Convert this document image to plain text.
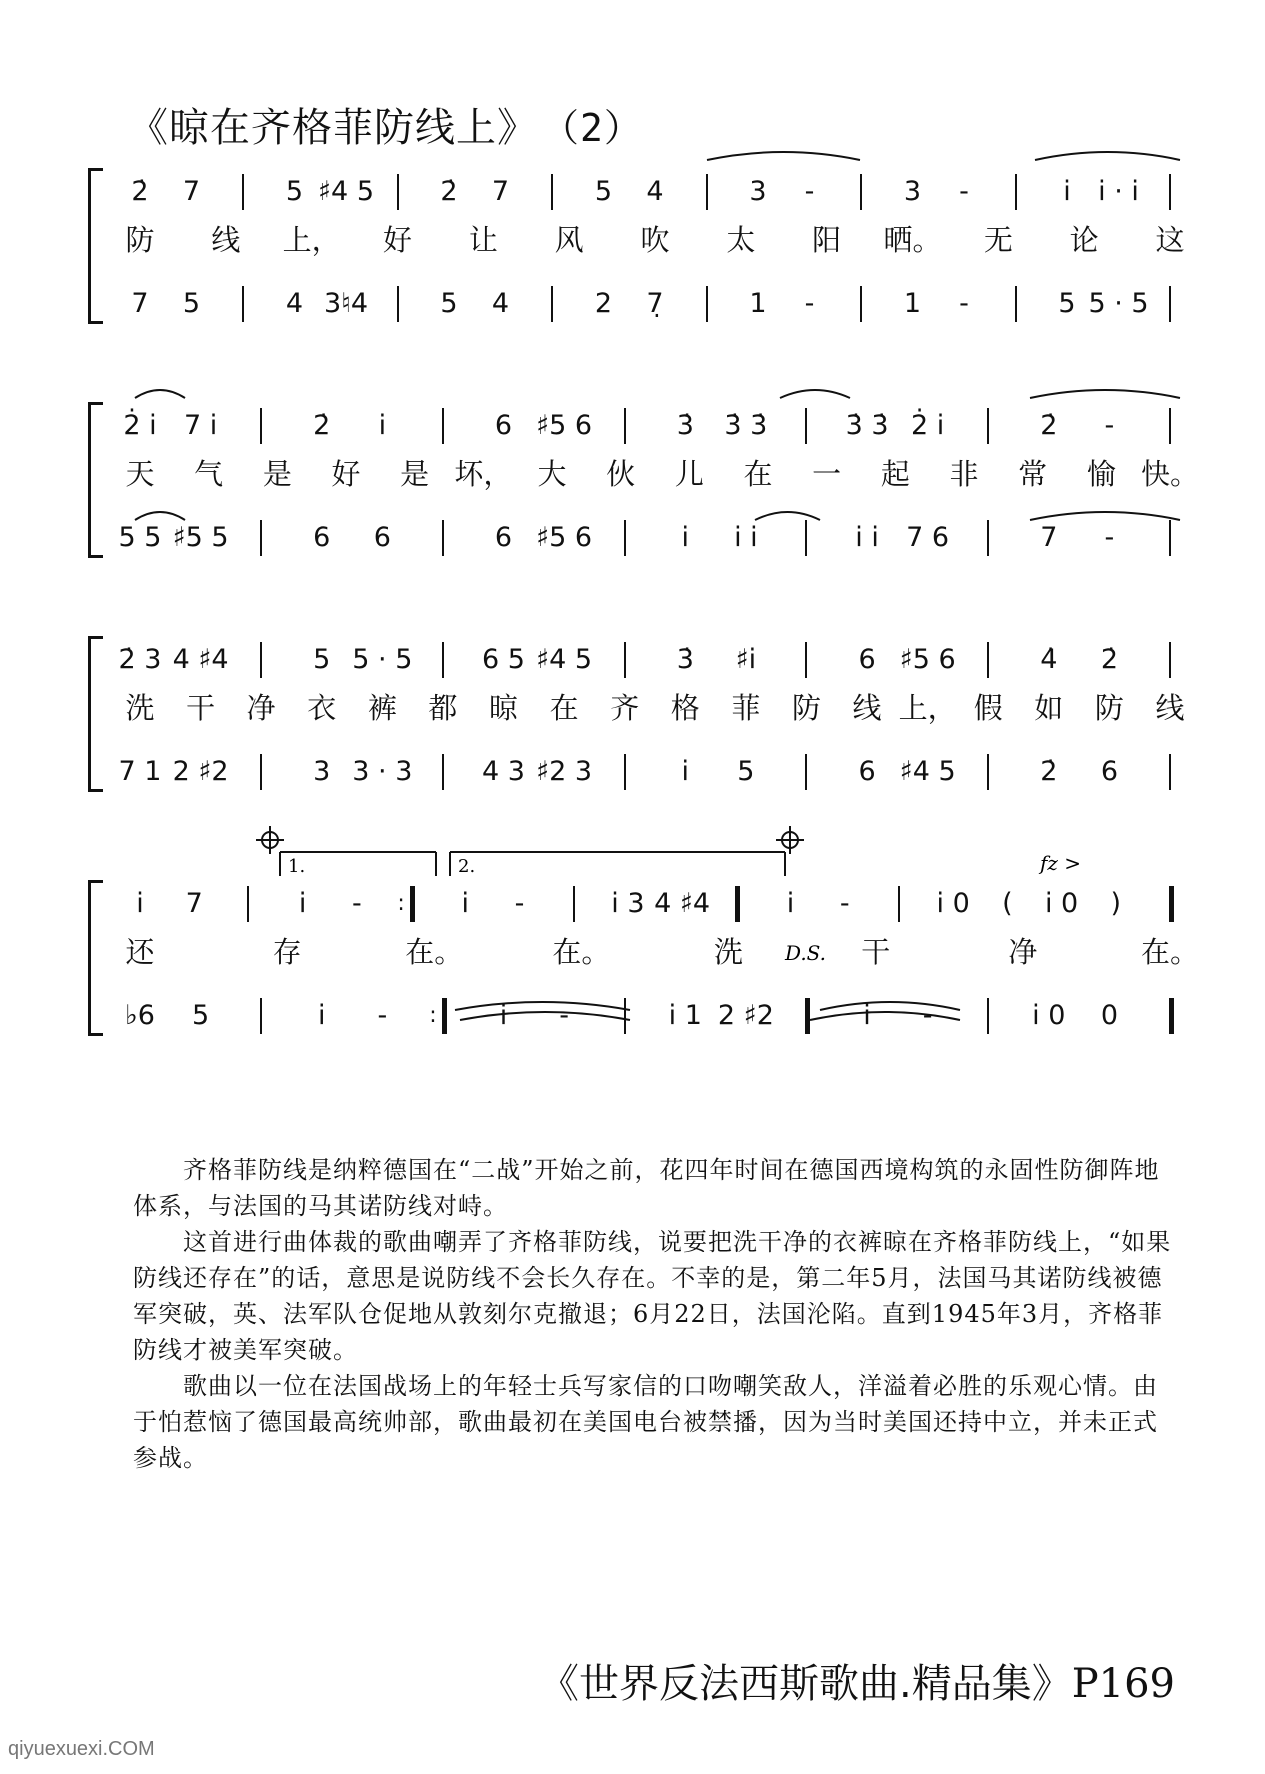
《晾在齐格菲防线上》 （2）
2̇ 7	5 ♯4 5 2̇ 7	5 4	3 -	3 -	i i · i
防 线 上， 好 让 风 吹 太 阳 晒。 无 论 这
7 5	4 3♮4	5 4	2 7̣	1 -	1 -	5 5 · 5
2̇ i 7 i	2̇ i	6 ♯5 6	3̇ 3̇ 3̇	3̇ 3̇ 2̇ i	2̇ -
天 气 是 好 是 坏， 大 伙 儿 在 一 起 非 常 愉 快。
5 5 ♯5 5	6 6	6 ♯5 6	i i i	i i 7 6	7 -
2̇ 3 4 ♯4	5 5 · 5	6 5 ♯4 5	3̇ ♯i	6 ♯5 6	4̇ 2̇
洗 干 净 衣 裤 都 晾 在 齐 格 菲 防 线 上， 假 如 防 线
7 1 2 ♯2	3 3 · 3	4 3 ♯2 3	i 5	6 ♯4 5	2̇ 6
i 7	i - : i -	i 3 4 ♯4	i -	i 0 ( i 0 )
还	存	在。	在。	洗	干	净	在。
♭6 5	i - : i -	i 1 2 ♯2	i -	i 0 0
1.	2.	fz >
D.S.

齐格菲防线是纳粹德国在“二战”开始之前，花四年时间在德国西境构筑的永固性防御阵地体系，与法国的马其诺防线对峙。

这首进行曲体裁的歌曲嘲弄了齐格菲防线，说要把洗干净的衣裤晾在齐格菲防线上，“如果防线还存在”的话，意思是说防线不会长久存在。不幸的是，第二年5月，法国马其诺防线被德军突破，英、法军队仓促地从敦刻尔克撤退；6月22日，法国沦陷。直到1945年3月，齐格菲防线才被美军突破。

歌曲以一位在法国战场上的年轻士兵写家信的口吻嘲笑敌人，洋溢着必胜的乐观心情。由于怕惹恼了德国最高统帅部，歌曲最初在美国电台被禁播，因为当时美国还持中立，并未正式参战。

《世界反法西斯歌曲.精品集》P169
qiyuexuexi.COM
